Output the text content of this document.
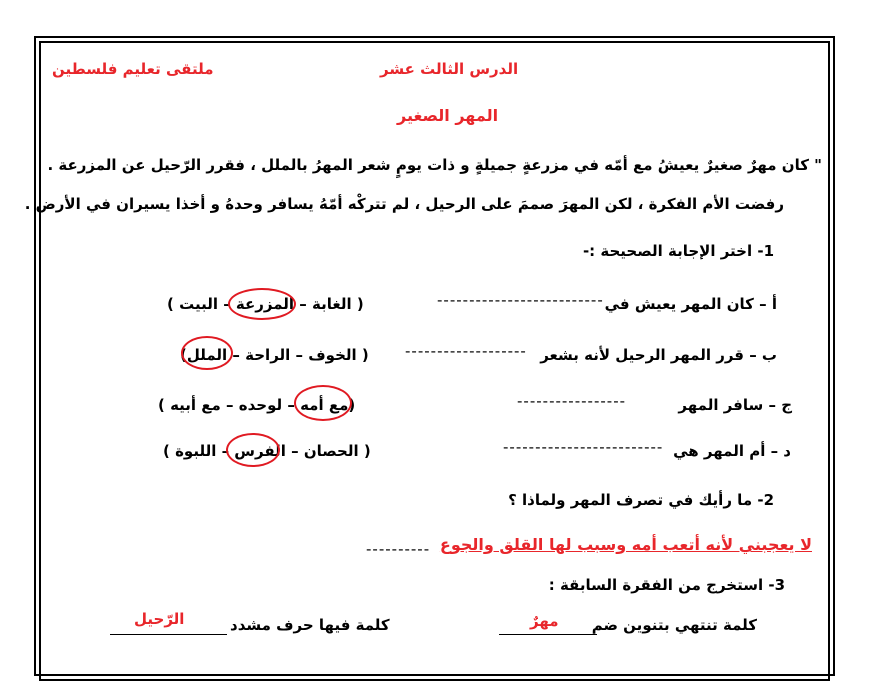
ملتقى تعليم فلسطين	الدرس الثالث عشر
المهر الصغير
" كان مهرٌ صغيرٌ يعيشُ مع أمّه في مزرعةٍ جميلةٍ و ذات يومٍ شعر المهرُ بالملل ، فقرر الرّحيل عن المزرعة .
رفضت الأم الفكرة ، لكن المهرَ صممَ على الرحيل ، لم تتركْه أمّهُ يسافر وحدهُ و أخذا يسيران في الأرض .
1- اختر الإجابة الصحيحة :-
أ – كان المهر يعيش في
--------------------------
( الغابة – المزرعة – البيت )
ب – قرر المهر الرحيل لأنه بشعر
-------------------
( الخوف – الراحة – الملل)
ج – سافر المهر
-----------------
(مع أمه – لوحده – مع أبيه )
د – أم المهر هي
-------------------------
( الحصان – الفرس – اللبوة )
2- ما رأيك في تصرف المهر ولماذا ؟
لا يعجبني لأنه أتعب أمه وسبب لها القلق والجوع
----------
3- استخرج من الفقرة السابقة :
كلمة تنتهي بتنوين ضم
مهرٌ
كلمة فيها حرف مشدد
الرّحيل
